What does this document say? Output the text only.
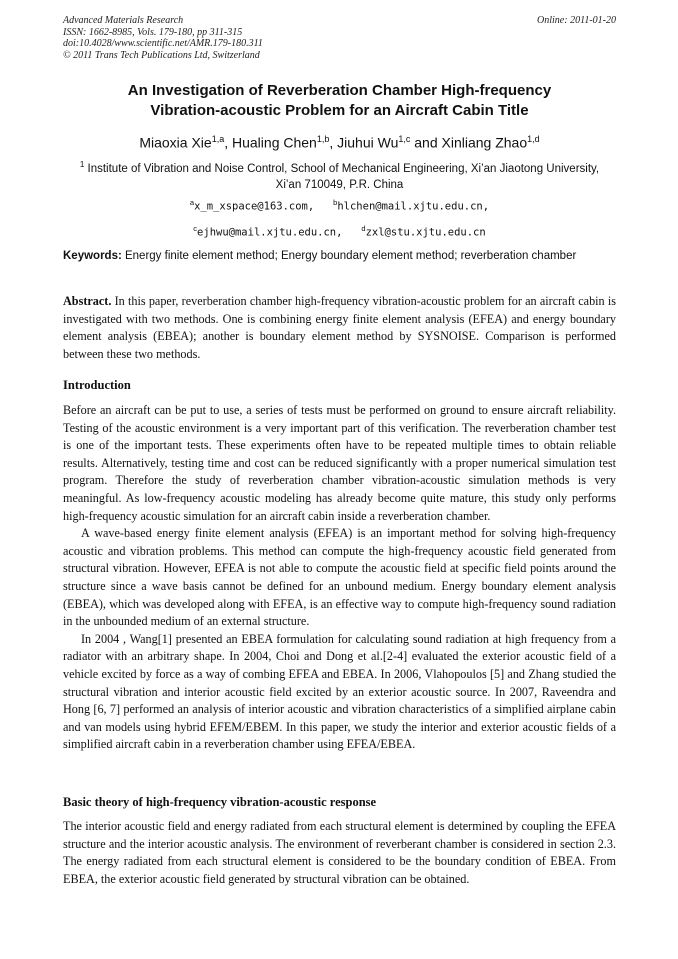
Advanced Materials Research
ISSN: 1662-8985, Vols. 179-180, pp 311-315
doi:10.4028/www.scientific.net/AMR.179-180.311
© 2011 Trans Tech Publications Ltd, Switzerland
Online: 2011-01-20
An Investigation of Reverberation Chamber High-frequency
Vibration-acoustic Problem for an Aircraft Cabin Title
Miaoxia Xie$^{1,a}$, Hualing Chen$^{1,b}$, Jiuhui Wu$^{1,c}$ and Xinliang Zhao$^{1,d}$
$^1$ Institute of Vibration and Noise Control, School of Mechanical Engineering, Xi’an Jiaotong University, Xi’an 710049, P.R. China
$^a$x_m_xspace@163.com,	$^b$hlchen@mail.xjtu.edu.cn,
$^c$ejhwu@mail.xjtu.edu.cn,	$^d$zxl@stu.xjtu.edu.cn
Keywords: Energy finite element method; Energy boundary element method; reverberation chamber

Abstract. In this paper, reverberation chamber high-frequency vibration-acoustic problem for an aircraft cabin is investigated with two methods. One is combining energy finite element analysis (EFEA) and energy boundary element analysis (EBEA); another is boundary element method by SYSNOISE. Comparison is performed between these two methods.

Introduction

Before an aircraft can be put to use, a series of tests must be performed on ground to ensure aircraft reliability. Testing of the acoustic environment is a very important part of this verification. The reverberation chamber test is one of the important tests. These experiments often have to be repeated multiple times to obtain reliable results. Alternatively, testing time and cost can be reduced significantly with a proper numerical simulation test program. Therefore the study of reverberation chamber vibration-acoustic simulation methods is very meaningful. As low-frequency acoustic modeling has already become quite mature, this study only performs high-frequency acoustic simulation for an aircraft cabin inside a reverberation chamber.

A wave-based energy finite element analysis (EFEA) is an important method for solving high-frequency acoustic and vibration problems. This method can compute the high-frequency acoustic field generated from structural vibration. However, EFEA is not able to compute the acoustic field at specific field points around the structure since a wave basis cannot be defined for an unbound medium. Energy boundary element analysis (EBEA), which was developed along with EFEA, is an effective way to compute high-frequency sound radiation in the unbounded medium of an external structure.

In 2004 , Wang[1] presented an EBEA formulation for calculating sound radiation at high frequency from a radiator with an arbitrary shape. In 2004, Choi and Dong et al.[2-4] evaluated the exterior acoustic field of a vehicle excited by force as a way of combing EFEA and EBEA. In 2006, Vlahopoulos [5] and Zhang studied the structural vibration and interior acoustic field excited by an exterior acoustic source. In 2007, Raveendra and Hong [6, 7] performed an analysis of interior acoustic and vibration characteristics of a simplified airplane cabin and van models using hybrid EFEM/EBEM. In this paper, we study the interior and exterior acoustic fields of a simplified aircraft cabin in a reverberation chamber using EFEA/EBEA.

Basic theory of high-frequency vibration-acoustic response

The interior acoustic field and energy radiated from each structural element is determined by coupling the EFEA structure and the interior acoustic analysis. The environment of reverberant chamber is considered in section 2.3. The energy radiated from each structural element is considered to be the boundary condition of EBEA. From EBEA, the exterior acoustic field generated by structural vibration can be obtained.
